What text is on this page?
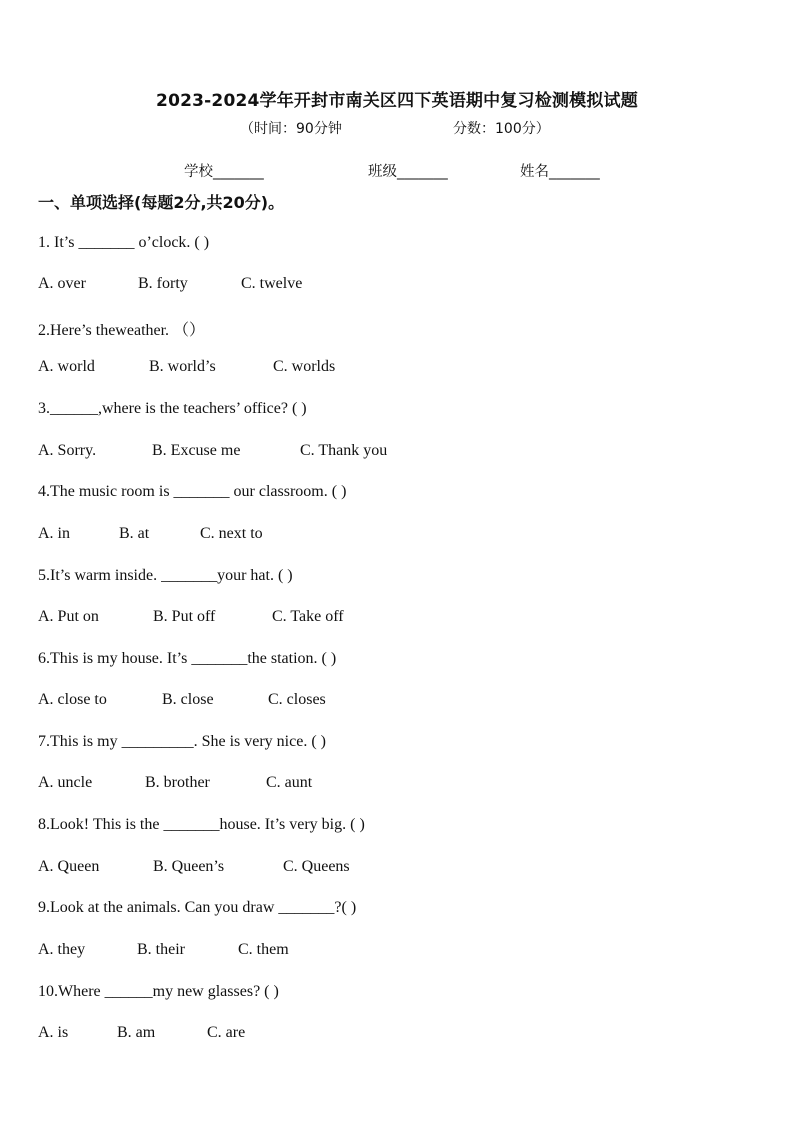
2023-2024学年开封市南关区四下英语期中复习检测模拟试题
（时间：90分钟	分数：100分）
学校_______	班级_______	姓名_______
一、单项选择(每题2分,共20分)。
1. It’s _______ o’clock. ( )
A. over	B. forty	C. twelve
2.Here’s theweather. （）
A. world	B. world’s	C. worlds
3.______,where is the teachers’ office? ( )
A. Sorry.	B. Excuse me	C. Thank you
4.The music room is _______ our classroom. ( )
A. in	B. at	C. next to
5.It’s warm inside. _______your hat. ( )
A. Put on	B. Put off	C. Take off
6.This is my house. It’s _______the station. ( )
A. close to	B. close	C. closes
7.This is my _________. She is very nice. ( )
A. uncle	B. brother	C. aunt
8.Look! This is the _______house. It’s very big. ( )
A. Queen	B. Queen’s	C. Queens
9.Look at the animals. Can you draw _______?( )
A. they	B. their	C. them
10.Where ______my new glasses? ( )
A. is	B. am	C. are
